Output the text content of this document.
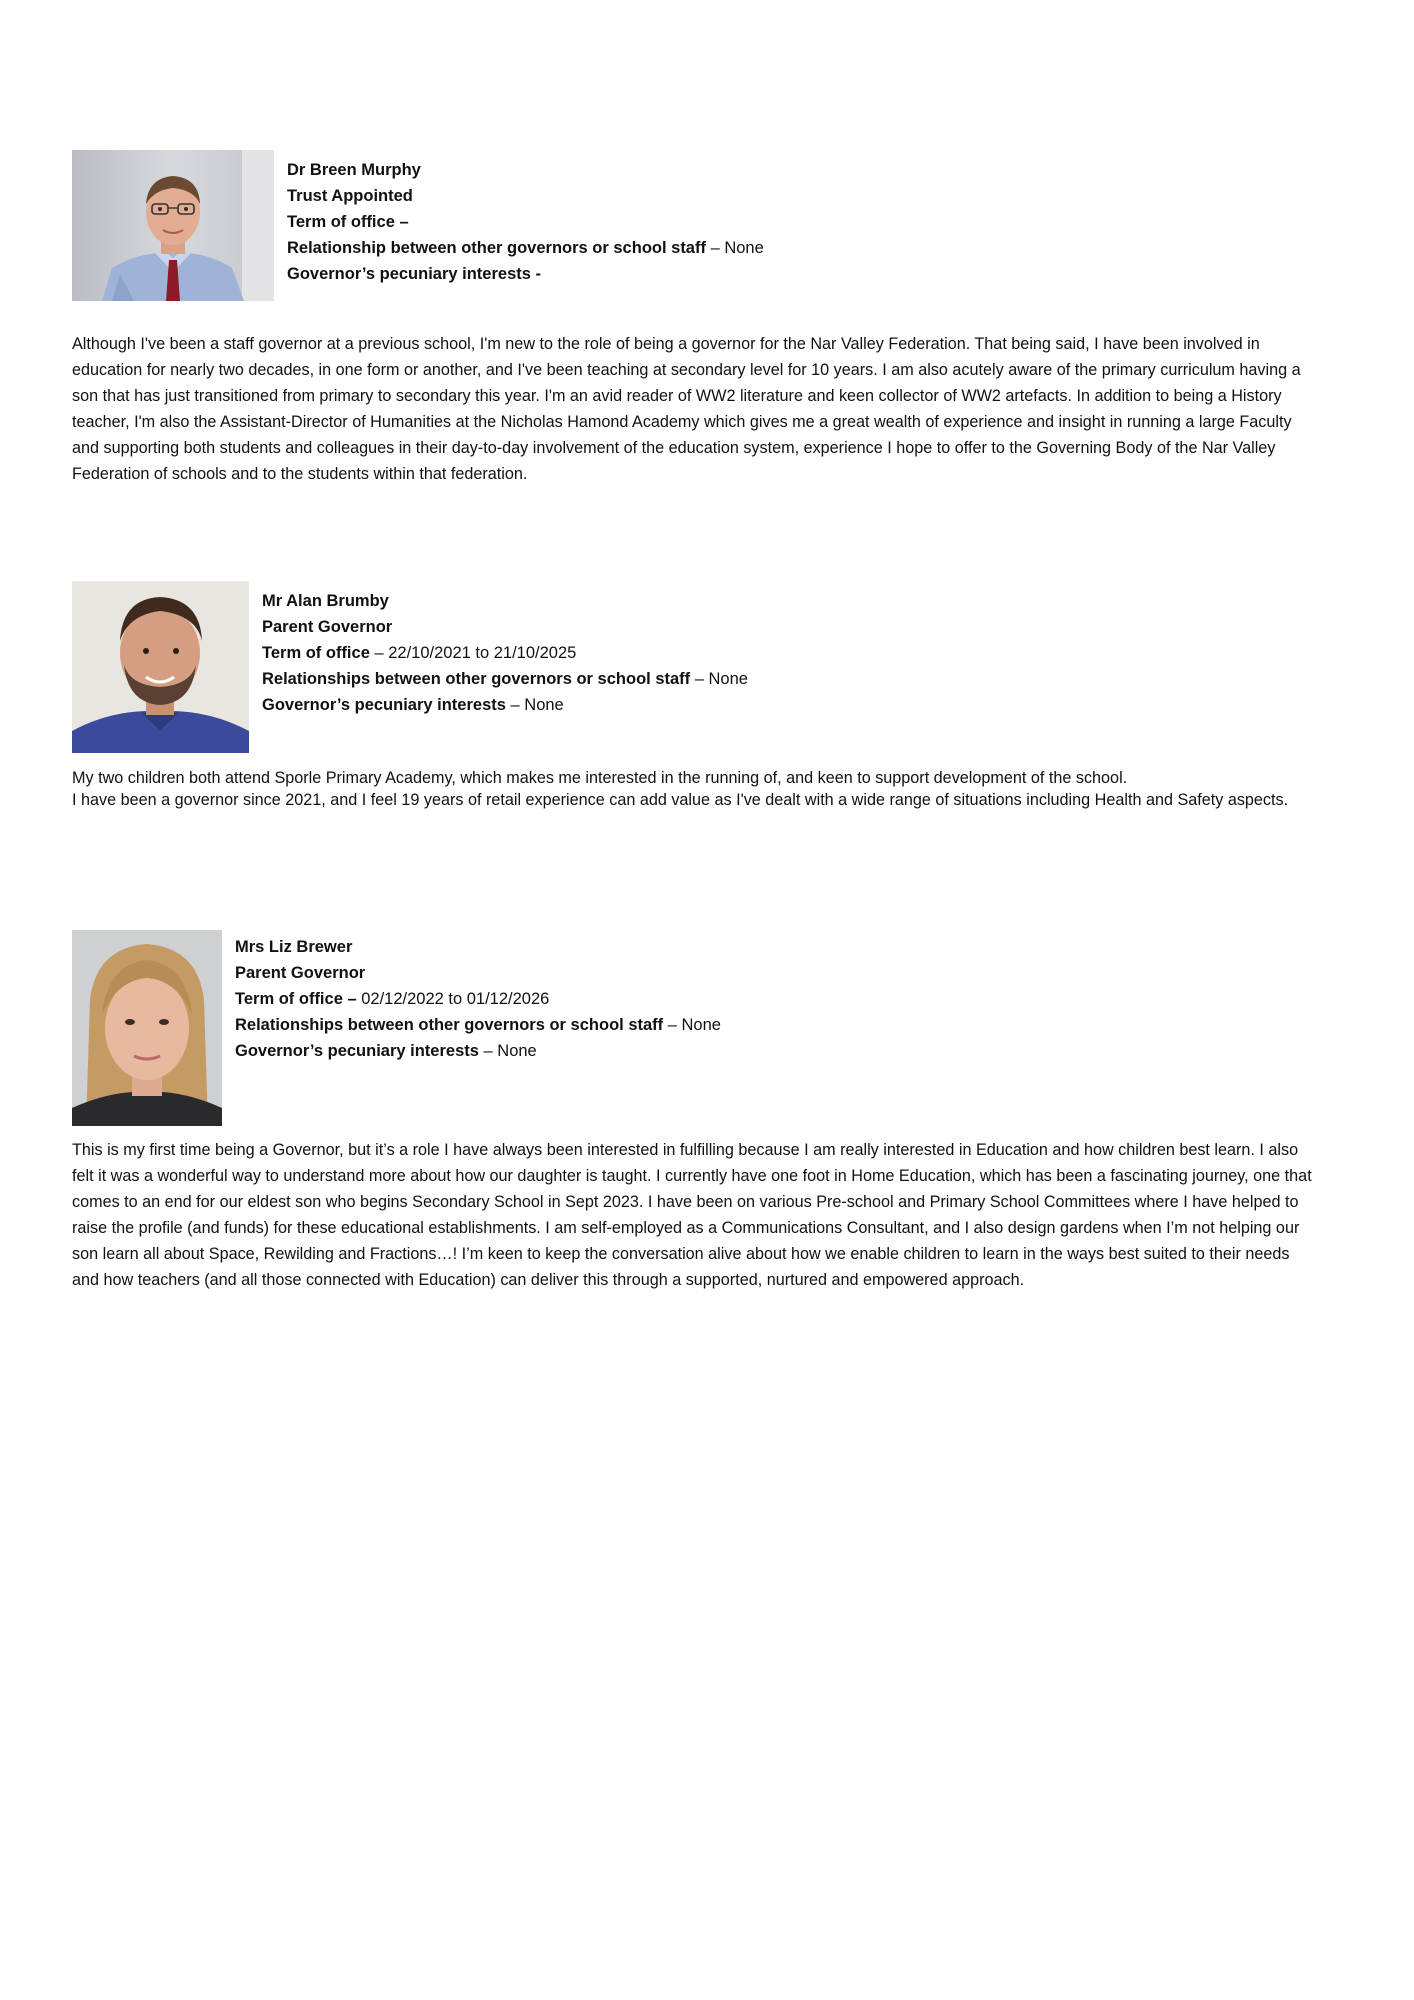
Dr Breen Murphy
Trust Appointed
Term of office –
Relationship between other governors or school staff – None
Governor’s pecuniary interests -

Although I've been a staff governor at a previous school, I'm new to the role of being a governor for the Nar Valley Federation. That being said, I have been involved in education for nearly two decades, in one form or another, and I've been teaching at secondary level for 10 years. I am also acutely aware of the primary curriculum having a son that has just transitioned from primary to secondary this year. I'm an avid reader of WW2 literature and keen collector of WW2 artefacts. In addition to being a History teacher, I'm also the Assistant-Director of Humanities at the Nicholas Hamond Academy which gives me a great wealth of experience and insight in running a large Faculty and supporting both students and colleagues in their day-to-day involvement of the education system, experience I hope to offer to the Governing Body of the Nar Valley Federation of schools and to the students within that federation.

Mr Alan Brumby
Parent Governor
Term of office – 22/10/2021 to 21/10/2025
Relationships between other governors or school staff – None
Governor’s pecuniary interests – None

My two children both attend Sporle Primary Academy, which makes me interested in the running of, and keen to support development of the school.

I have been a governor since 2021, and I feel 19 years of retail experience can add value as I've dealt with a wide range of situations including Health and Safety aspects.

Mrs Liz Brewer
Parent Governor
Term of office – 02/12/2022 to 01/12/2026
Relationships between other governors or school staff – None
Governor’s pecuniary interests – None

This is my first time being a Governor, but it’s a role I have always been interested in fulfilling because I am really interested in Education and how children best learn. I also felt it was a wonderful way to understand more about how our daughter is taught. I currently have one foot in Home Education, which has been a fascinating journey, one that comes to an end for our eldest son who begins Secondary School in Sept 2023. I have been on various Pre-school and Primary School Committees where I have helped to raise the profile (and funds) for these educational establishments. I am self-employed as a Communications Consultant, and I also design gardens when I’m not helping our son learn all about Space, Rewilding and Fractions…! I’m keen to keep the conversation alive about how we enable children to learn in the ways best suited to their needs and how teachers (and all those connected with Education) can deliver this through a supported, nurtured and empowered approach.
